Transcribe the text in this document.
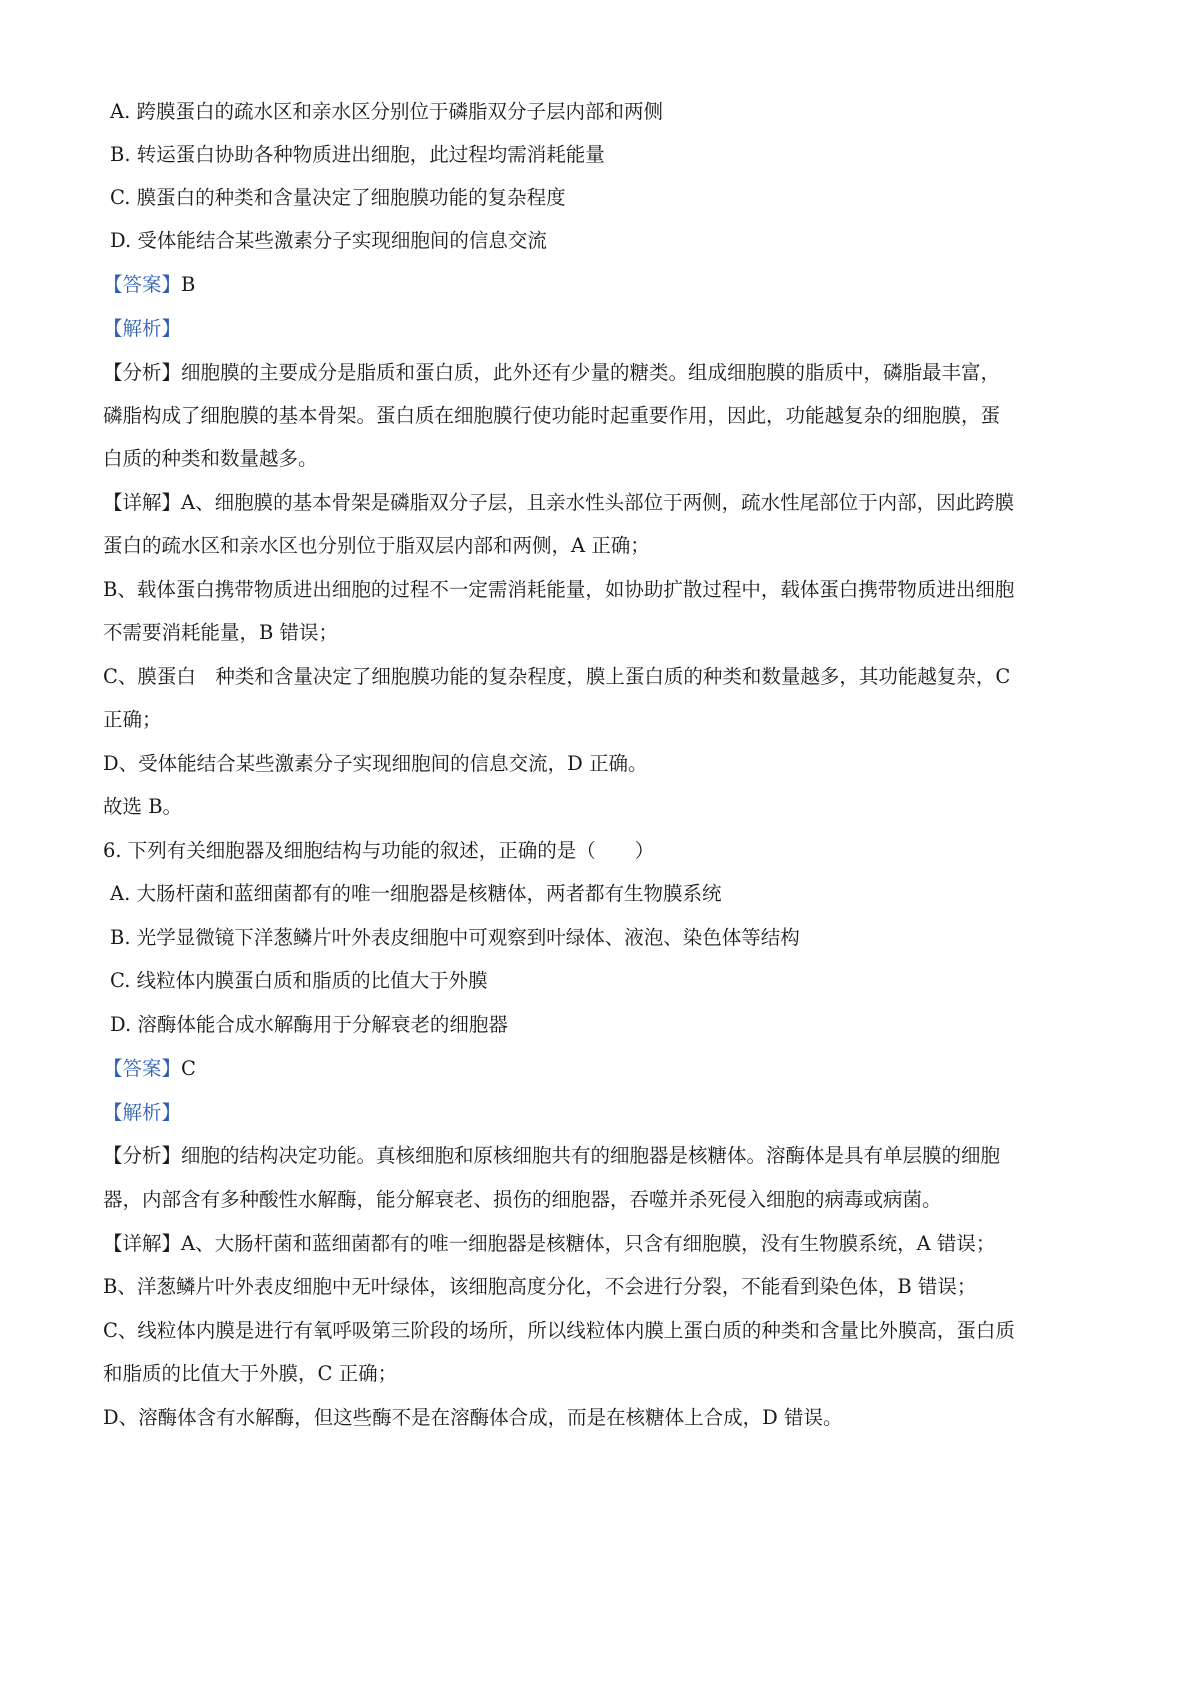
A. 跨膜蛋白的疏水区和亲水区分别位于磷脂双分子层内部和两侧
B. 转运蛋白协助各种物质进出细胞，此过程均需消耗能量
C. 膜蛋白的种类和含量决定了细胞膜功能的复杂程度
D. 受体能结合某些激素分子实现细胞间的信息交流
【答案】B
【解析】
【分析】细胞膜的主要成分是脂质和蛋白质，此外还有少量的糖类。组成细胞膜的脂质中，磷脂最丰富，
磷脂构成了细胞膜的基本骨架。蛋白质在细胞膜行使功能时起重要作用，因此，功能越复杂的细胞膜，蛋
白质的种类和数量越多。
【详解】A、细胞膜的基本骨架是磷脂双分子层，且亲水性头部位于两侧，疏水性尾部位于内部，因此跨膜
蛋白的疏水区和亲水区也分别位于脂双层内部和两侧，A 正确；
B、载体蛋白携带物质进出细胞的过程不一定需消耗能量，如协助扩散过程中，载体蛋白携带物质进出细胞
不需要消耗能量，B 错误；
C、膜蛋白　种类和含量决定了细胞膜功能的复杂程度，膜上蛋白质的种类和数量越多，其功能越复杂，C
正确；
D、受体能结合某些激素分子实现细胞间的信息交流，D 正确。
故选 B。
6. 下列有关细胞器及细胞结构与功能的叙述，正确的是（　　）
A. 大肠杆菌和蓝细菌都有的唯一细胞器是核糖体，两者都有生物膜系统
B. 光学显微镜下洋葱鳞片叶外表皮细胞中可观察到叶绿体、液泡、染色体等结构
C. 线粒体内膜蛋白质和脂质的比值大于外膜
D. 溶酶体能合成水解酶用于分解衰老的细胞器
【答案】C
【解析】
【分析】细胞的结构决定功能。真核细胞和原核细胞共有的细胞器是核糖体。溶酶体是具有单层膜的细胞
器，内部含有多种酸性水解酶，能分解衰老、损伤的细胞器，吞噬并杀死侵入细胞的病毒或病菌。
【详解】A、大肠杆菌和蓝细菌都有的唯一细胞器是核糖体，只含有细胞膜，没有生物膜系统，A 错误；
B、洋葱鳞片叶外表皮细胞中无叶绿体，该细胞高度分化，不会进行分裂，不能看到染色体，B 错误；
C、线粒体内膜是进行有氧呼吸第三阶段的场所，所以线粒体内膜上蛋白质的种类和含量比外膜高，蛋白质
和脂质的比值大于外膜，C 正确；
D、溶酶体含有水解酶，但这些酶不是在溶酶体合成，而是在核糖体上合成，D 错误。
